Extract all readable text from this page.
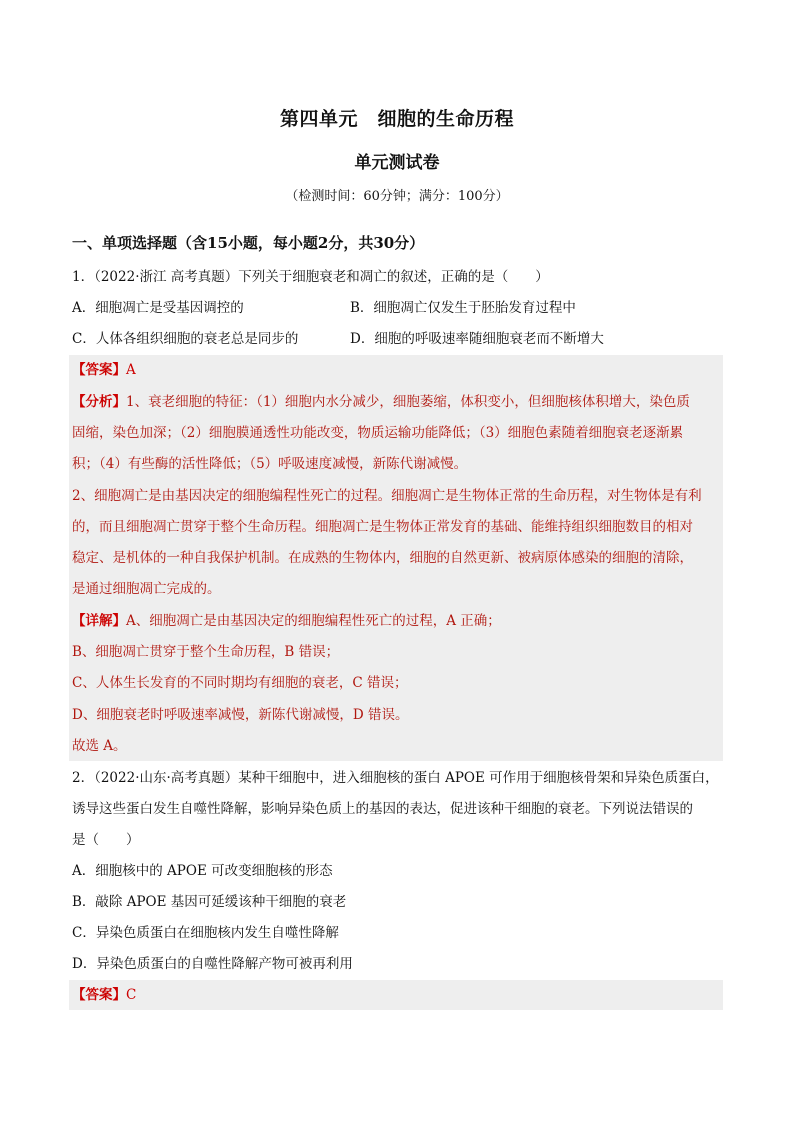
第四单元　细胞的生命历程
单元测试卷
（检测时间：60分钟；满分：100分）
一、单项选择题（含15小题，每小题2分，共30分）
1．（2022·浙江 高考真题）下列关于细胞衰老和凋亡的叙述，正确的是（　　）
A．细胞凋亡是受基因调控的	B．细胞凋亡仅发生于胚胎发育过程中
C．人体各组织细胞的衰老总是同步的	D．细胞的呼吸速率随细胞衰老而不断增大
【答案】A
【分析】1、衰老细胞的特征：（1）细胞内水分减少，细胞萎缩，体积变小，但细胞核体积增大，染色质
固缩，染色加深；（2）细胞膜通透性功能改变，物质运输功能降低；（3）细胞色素随着细胞衰老逐渐累
积；（4）有些酶的活性降低；（5）呼吸速度减慢，新陈代谢减慢。
2、细胞凋亡是由基因决定的细胞编程性死亡的过程。细胞凋亡是生物体正常的生命历程，对生物体是有利
的，而且细胞凋亡贯穿于整个生命历程。细胞凋亡是生物体正常发育的基础、能维持组织细胞数目的相对
稳定、是机体的一种自我保护机制。在成熟的生物体内，细胞的自然更新、被病原体感染的细胞的清除，
是通过细胞凋亡完成的。
【详解】A、细胞凋亡是由基因决定的细胞编程性死亡的过程，A 正确；
B、细胞凋亡贯穿于整个生命历程，B 错误；
C、人体生长发育的不同时期均有细胞的衰老，C 错误；
D、细胞衰老时呼吸速率减慢，新陈代谢减慢，D 错误。
故选 A。
2．（2022·山东·高考真题）某种干细胞中，进入细胞核的蛋白 APOE 可作用于细胞核骨架和异染色质蛋白，
诱导这些蛋白发生自噬性降解，影响异染色质上的基因的表达，促进该种干细胞的衰老。下列说法错误的
是（　　）
A．细胞核中的 APOE 可改变细胞核的形态
B．敲除 APOE 基因可延缓该种干细胞的衰老
C．异染色质蛋白在细胞核内发生自噬性降解
D．异染色质蛋白的自噬性降解产物可被再利用
【答案】C
